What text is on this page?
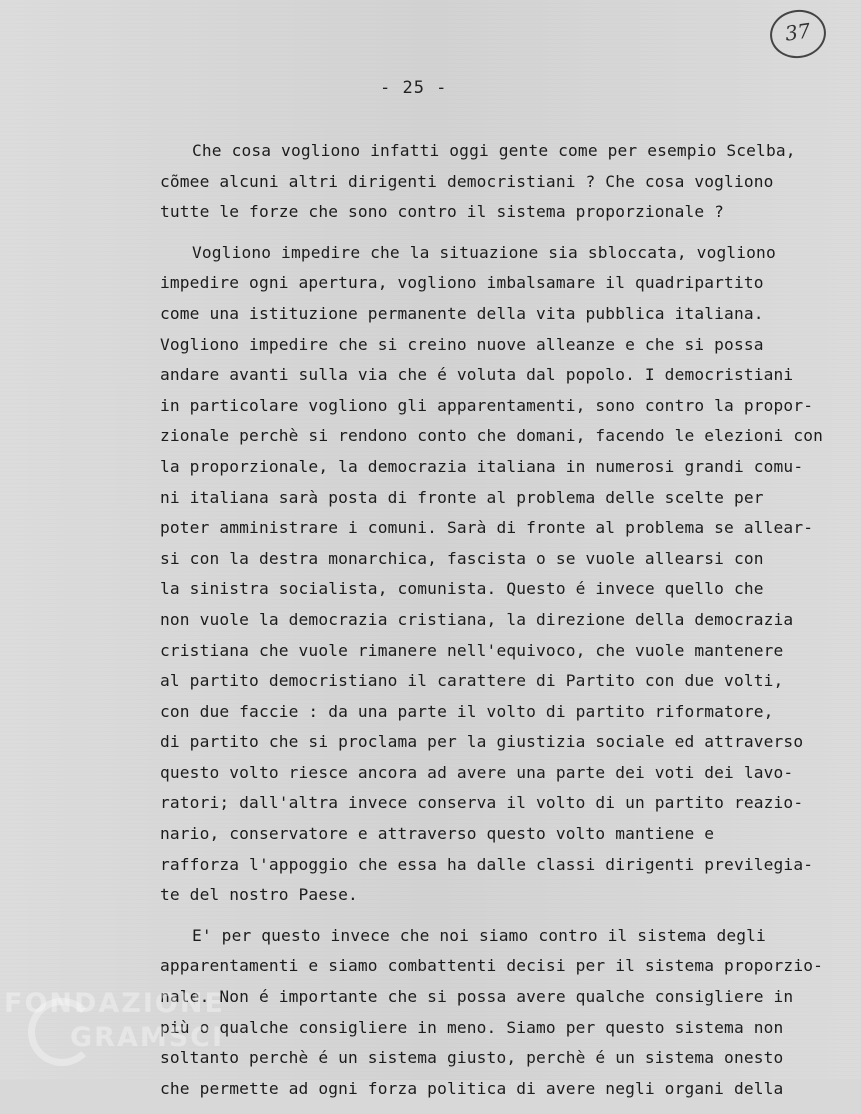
37
- 25 -
Che cosa vogliono infatti oggi gente come per esempio Scelba,
cõmee alcuni altri dirigenti democristiani ? Che cosa vogliono
tutte le forze che sono contro il sistema proporzionale ?
Vogliono impedire che la situazione sia sbloccata, vogliono
impedire ogni apertura, vogliono imbalsamare il quadripartito
come una istituzione permanente della vita pubblica italiana.
Vogliono impedire che si creino nuove alleanze e che si possa
andare avanti sulla via che é voluta dal popolo. I democristiani
in particolare vogliono gli apparentamenti, sono contro la propor-
zionale perchè si rendono conto che domani, facendo le elezioni con
la proporzionale, la democrazia italiana in numerosi grandi comu-
ni italiana sarà posta di fronte al problema delle scelte per
poter amministrare i comuni. Sarà di fronte al problema se allear-
si con la destra monarchica, fascista o se vuole allearsi con
la sinistra socialista, comunista. Questo é invece quello che
non vuole la democrazia cristiana, la direzione della democrazia
cristiana che vuole rimanere nell'equivoco, che vuole mantenere
al partito democristiano il carattere di Partito con due volti,
con due faccie : da una parte il volto di partito riformatore,
di partito che si proclama per la giustizia sociale ed attraverso
questo volto riesce ancora ad avere una parte dei voti dei lavo-
ratori; dall'altra invece conserva il volto di un partito reazio-
nario, conservatore e attraverso questo volto mantiene e
rafforza l'appoggio che essa ha dalle classi dirigenti previlegia-
te del nostro Paese.
E' per questo invece che noi siamo contro il sistema degli
apparentamenti e siamo combattenti decisi per il sistema proporzio-
nale. Non é importante che si possa avere qualche consigliere in
più o qualche consigliere in meno. Siamo per questo sistema non
soltanto perchè é un sistema giusto, perchè é un sistema onesto
che permette ad ogni forza politica di avere negli organi della
FONDAZIONE
GRAMSCI
